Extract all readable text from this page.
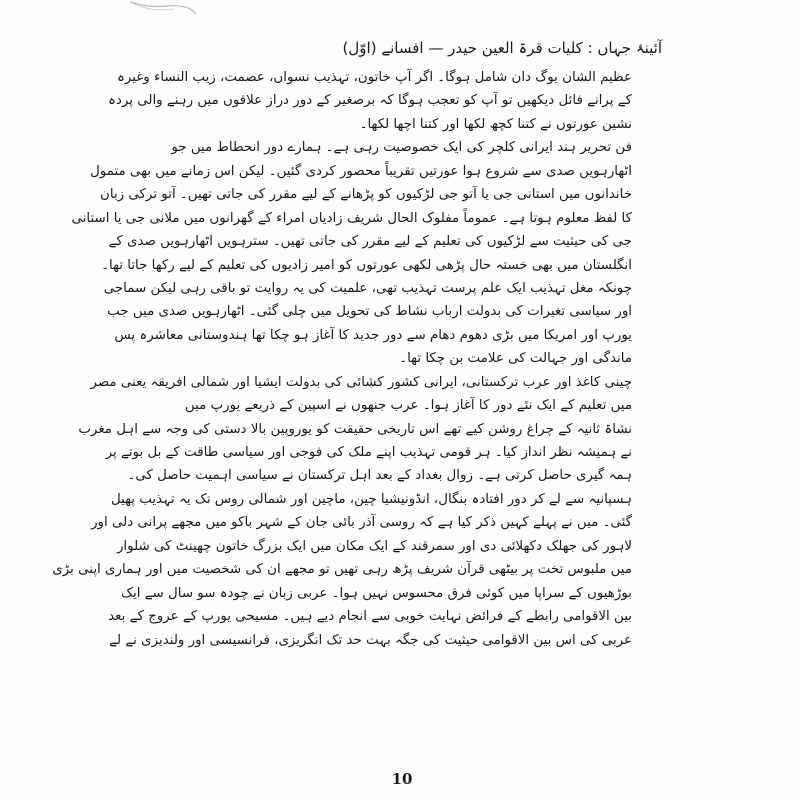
آئینۂ جہاں : کلیات قرۃ العین حیدر — افسانے (اوّل)
عظیم الشان یوگ دان شامل ہوگا۔ اگر آپ خاتون، تہذیب نسواں، عصمت، زیب النساء وغیرہ
کے پرانے فائل دیکھیں تو آپ کو تعجب ہوگا کہ برصغیر کے دور دراز علاقوں میں رہنے والی پردہ
نشین عورتوں نے کتنا کچھ لکھا اور کتنا اچھا لکھا۔
فن تحریر ہند ایرانی کلچر کی ایک خصوصیت رہی ہے۔ ہمارے دور انحطاط میں جو
اٹھارہویں صدی سے شروع ہوا عورتیں تقریباً محصور کردی گئیں۔ لیکن اس زمانے میں بھی متمول
خاندانوں میں استانی جی یا آتو جی لڑکیوں کو پڑھانے کے لیے مقرر کی جاتی تھیں۔ آتو ترکی زبان
کا لفظ معلوم ہوتا ہے۔ عموماً مفلوک الحال شریف زادیاں امراء کے گھرانوں میں ملانی جی یا استانی
جی کی حیثیت سے لڑکیوں کی تعلیم کے لیے مقرر کی جاتی تھیں۔ سترہویں اٹھارہویں صدی کے
انگلستان میں بھی خستہ حال پڑھی لکھی عورتوں کو امیر زادیوں کی تعلیم کے لیے رکھا جاتا تھا۔
چونکہ مغل تہذیب ایک علم پرست تہذیب تھی، علمیت کی یہ روایت تو باقی رہی لیکن سماجی
اور سیاسی تغیرات کی بدولت ارباب نشاط کی تحویل میں چلی گئی۔ اٹھارہویں صدی میں جب
یورپ اور امریکا میں بڑی دھوم دھام سے دور جدید کا آغاز ہو چکا تھا ہندوستانی معاشرہ پس
ماندگی اور جہالت کی علامت بن چکا تھا۔
چینی کاغذ اور عرب ترکستانی، ایرانی کشور کشائی کی بدولت ایشیا اور شمالی افریقہ یعنی مصر
میں تعلیم کے ایک نئے دور کا آغاز ہوا۔ عرب جنھوں نے اسپین کے ذریعے یورپ میں
نشاۃ ثانیہ کے چراغ روشن کیے تھے اس تاریخی حقیقت کو یوروپین بالا دستی کی وجہ سے اہل مغرب
نے ہمیشہ نظر انداز کیا۔ ہر قومی تہذیب اپنے ملک کی فوجی اور سیاسی طاقت کے بل بوتے پر
ہمہ گیری حاصل کرتی ہے۔ زوال بغداد کے بعد اہل ترکستان نے سیاسی اہمیت حاصل کی۔
ہسپانیہ سے لے کر دور افتادہ بنگال، انڈونیشیا چین، ماچین اور شمالی روس تک یہ تہذیب پھیل
گئی۔ میں نے پہلے کہیں ذکر کیا ہے کہ روسی آذر بائی جان کے شہر باکو میں مجھے پرانی دلی اور
لاہور کی جھلک دکھلائی دی اور سمرقند کے ایک مکان میں ایک بزرگ خاتون چھینٹ کی شلوار
میں ملبوس تخت پر بیٹھی قرآن شریف پڑھ رہی تھیں تو مجھے ان کی شخصیت میں اور ہماری اپنی بڑی
بوڑھیوں کے سراپا میں کوئی فرق محسوس نہیں ہوا۔ عربی زبان نے چودہ سو سال سے ایک
بین الاقوامی رابطے کے فرائض نہایت خوبی سے انجام دیے ہیں۔ مسیحی یورپ کے عروج کے بعد
عربی کی اس بین الاقوامی حیثیت کی جگہ بہت حد تک انگریزی، فرانسیسی اور ولندیزی نے لے
10
